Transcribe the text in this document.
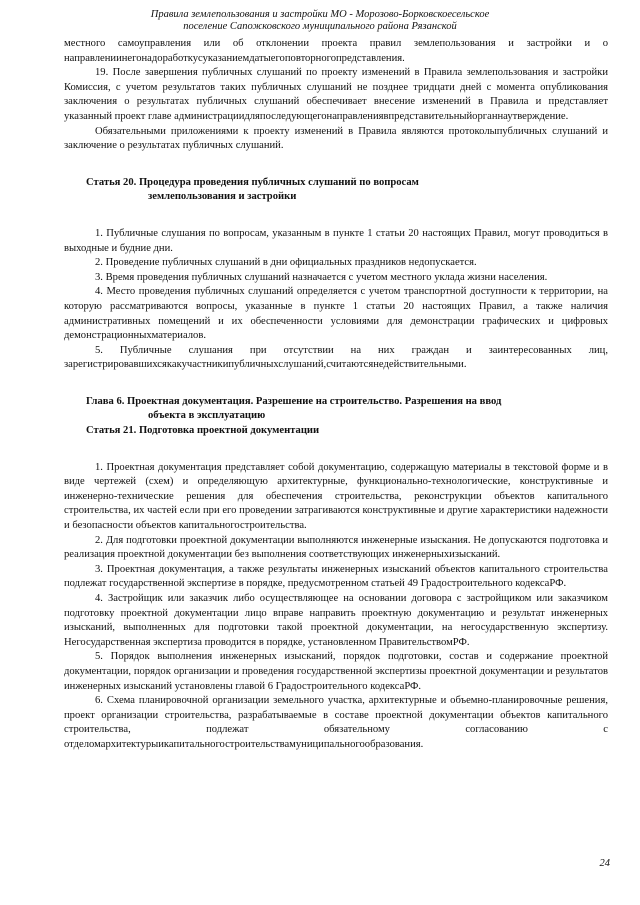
Правила землепользования и застройки МО - Морозово-Борковскоесельское
поселение Сапожковского муниципального района Рязанской

местного самоуправления или об отклонении проекта правил землепользования и застройки и о направлениинегонадоработкусуказаниемдатыегоповторногопредставления.

19. После завершения публичных слушаний по проекту изменений в Правила землепользования и застройки Комиссия, с учетом результатов таких публичных слушаний не позднее тридцати дней с момента опубликования заключения о результатах публичных слушаний обеспечивает внесение изменений в Правила и представляет указанный проект главе администрациидляпоследующегонаправлениявпредставительныйорганнаутверждение.

Обязательными приложениями к проекту изменений в Правила являются протоколыпубличных слушаний и заключение о результатах публичных слушаний.

Статья 20. Процедура проведения публичных слушаний по вопросам
землепользования и застройки

1. Публичные слушания по вопросам, указанным в пункте 1 статьи 20 настоящих Правил, могут проводиться в выходные и будние дни.

2. Проведение публичных слушаний в дни официальных праздников недопускается.

3. Время проведения публичных слушаний назначается с учетом местного уклада жизни населения.

4. Место проведения публичных слушаний определяется с учетом транспортной доступности к территории, на которую рассматриваются вопросы, указанные в пункте 1 статьи 20 настоящих Правил, а также наличия административных помещений и их обеспеченности условиями для демонстрации графических и цифровых демонстрационныхматериалов.

5. Публичные слушания при отсутствии на них граждан и заинтересованных лиц, зарегистрировавшихсякакучастникипубличныхслушаний,считаютсянедействительными.

Глава 6. Проектная документация. Разрешение на строительство. Разрешения на ввод
объекта в эксплуатацию
Статья 21. Подготовка проектной документации

1. Проектная документация представляет собой документацию, содержащую материалы в текстовой форме и в виде чертежей (схем) и определяющую архитектурные, функционально-технологические, конструктивные и инженерно-технические решения для обеспечения строительства, реконструкции объектов капитального строительства, их частей если при его проведении затрагиваются конструктивные и другие характеристики надежности и безопасности объектов капитальногостроительства.

2. Для подготовки проектной документации выполняются инженерные изыскания. Не допускаются подготовка и реализация проектной документации без выполнения соответствующих инженерныхизысканий.

3. Проектная документация, а также результаты инженерных изысканий объектов капитального строительства подлежат государственной экспертизе в порядке, предусмотренном статьей 49 Градостроительного кодексаРФ.

4. Застройщик или заказчик либо осуществляющее на основании договора с застройщиком или заказчиком подготовку проектной документации лицо вправе направить проектную документацию и результат инженерных изысканий, выполненных для подготовки такой проектной документации, на негосударственную экспертизу. Негосударственная экспертиза проводится в порядке, установленном ПравительствомРФ.

5. Порядок выполнения инженерных изысканий, порядок подготовки, состав и содержание проектной документации, порядок организации и проведения государственной экспертизы проектной документации и результатов инженерных изысканий установлены главой 6 Градостроительного кодексаРФ.

6. Схема планировочной организации земельного участка, архитектурные и объемно-планировочные решения, проект организации строительства, разрабатываемые в составе проектной документации объектов капитального строительства, подлежат обязательному согласованию с отделомархитектурыикапитальногостроительствамуниципальногообразования.

24
